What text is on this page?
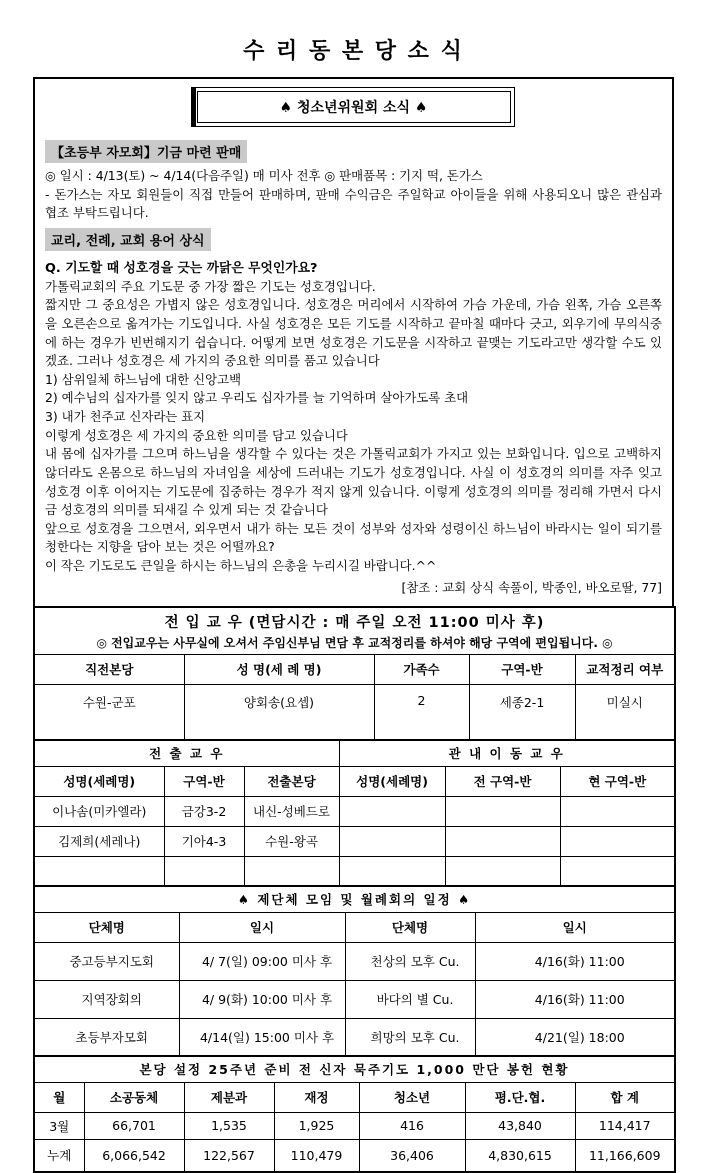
수 리 동 본 당 소 식
♠ 청소년위원회 소식 ♠
【초등부 자모회】기금 마련 판매
◎ 일시 : 4/13(토) ~ 4/14(다음주일) 매 미사 전후 ◎ 판매품목 : 기지 떡, 돈가스
- 돈가스는 자모 회원들이 직접 만들어 판매하며, 판매 수익금은 주일학교 아이들을 위해 사용되오니 많은 관심과 협조 부탁드립니다.
교리, 전례, 교회 용어 상식
Q. 기도할 때 성호경을 긋는 까닭은 무엇인가요?
가톨릭교회의 주요 기도문 중 가장 짧은 기도는 성호경입니다.
짧지만 그 중요성은 가볍지 않은 성호경입니다. 성호경은 머리에서 시작하여 가슴 가운데, 가슴 왼쪽, 가슴 오른쪽을 오른손으로 옮겨가는 기도입니다. 사실 성호경은 모든 기도를 시작하고 끝마칠 때마다 긋고, 외우기에 무의식중에 하는 경우가 빈번해지기 쉽습니다. 어떻게 보면 성호경은 기도문을 시작하고 끝맺는 기도라고만 생각할 수도 있겠죠. 그러나 성호경은 세 가지의 중요한 의미를 품고 있습니다
1) 삼위일체 하느님에 대한 신앙고백
2) 예수님의 십자가를 잊지 않고 우리도 십자가를 늘 기억하며 살아가도록 초대
3) 내가 천주교 신자라는 표지
이렇게 성호경은 세 가지의 중요한 의미를 담고 있습니다
내 몸에 십자가를 그으며 하느님을 생각할 수 있다는 것은 가톨릭교회가 가지고 있는 보화입니다. 입으로 고백하지 않더라도 온몸으로 하느님의 자녀임을 세상에 드러내는 기도가 성호경입니다. 사실 이 성호경의 의미를 자주 잊고 성호경 이후 이어지는 기도문에 집중하는 경우가 적지 않게 있습니다. 이렇게 성호경의 의미를 정리해 가면서 다시금 성호경의 의미를 되새길 수 있게 되는 것 같습니다
앞으로 성호경을 그으면서, 외우면서 내가 하는 모든 것이 성부와 성자와 성령이신 하느님이 바라시는 일이 되기를 청한다는 지향을 담아 보는 것은 어떨까요?
이 작은 기도로도 큰일을 하시는 하느님의 은총을 누리시길 바랍니다.^^
[참조 : 교회 상식 속풀이, 박종인, 바오로딸, 77]
전 입 교 우 (면담시간 : 매 주일 오전 11:00 미사 후)
◎ 전입교우는 사무실에 오셔서 주임신부님 면담 후 교적정리를 하셔야 해당 구역에 편입됩니다. ◎				

직전본당	성 명(세 례 명)	가족수	구역-반	교적정리 여부
수원-군포	양회송(요셉)	2	세종2-1	미실시
전 출 교 우			관 내 이 동 교 우		
성명(세례명)	구역-반	전출본당	성명(세례명)	전 구역-반	현 구역-반
이나솜(미카엘라)	금강3-2	내신-성베드로			
김제희(세레나)	기아4-3	수원-왕곡			

♠ 제단체 모임 및 월례회의 일정 ♠			
단체명	일시	단체명	일시
중고등부지도회	4/ 7(일) 09:00 미사 후	천상의 모후 Cu.	4/16(화) 11:00
지역장회의	4/ 9(화) 10:00 미사 후	바다의 별 Cu.	4/16(화) 11:00
초등부자모회	4/14(일) 15:00 미사 후	희망의 모후 Cu.	4/21(일) 18:00
본당 설정 25주년 준비 전 신자 묵주기도 1,000 만단 봉헌 현황						
월	소공동체	제분과	재정	청소년	평.단.협.	합 계
3월	66,701	1,535	1,925	416	43,840	114,417
누계	6,066,542	122,567	110,479	36,406	4,830,615	11,166,609
